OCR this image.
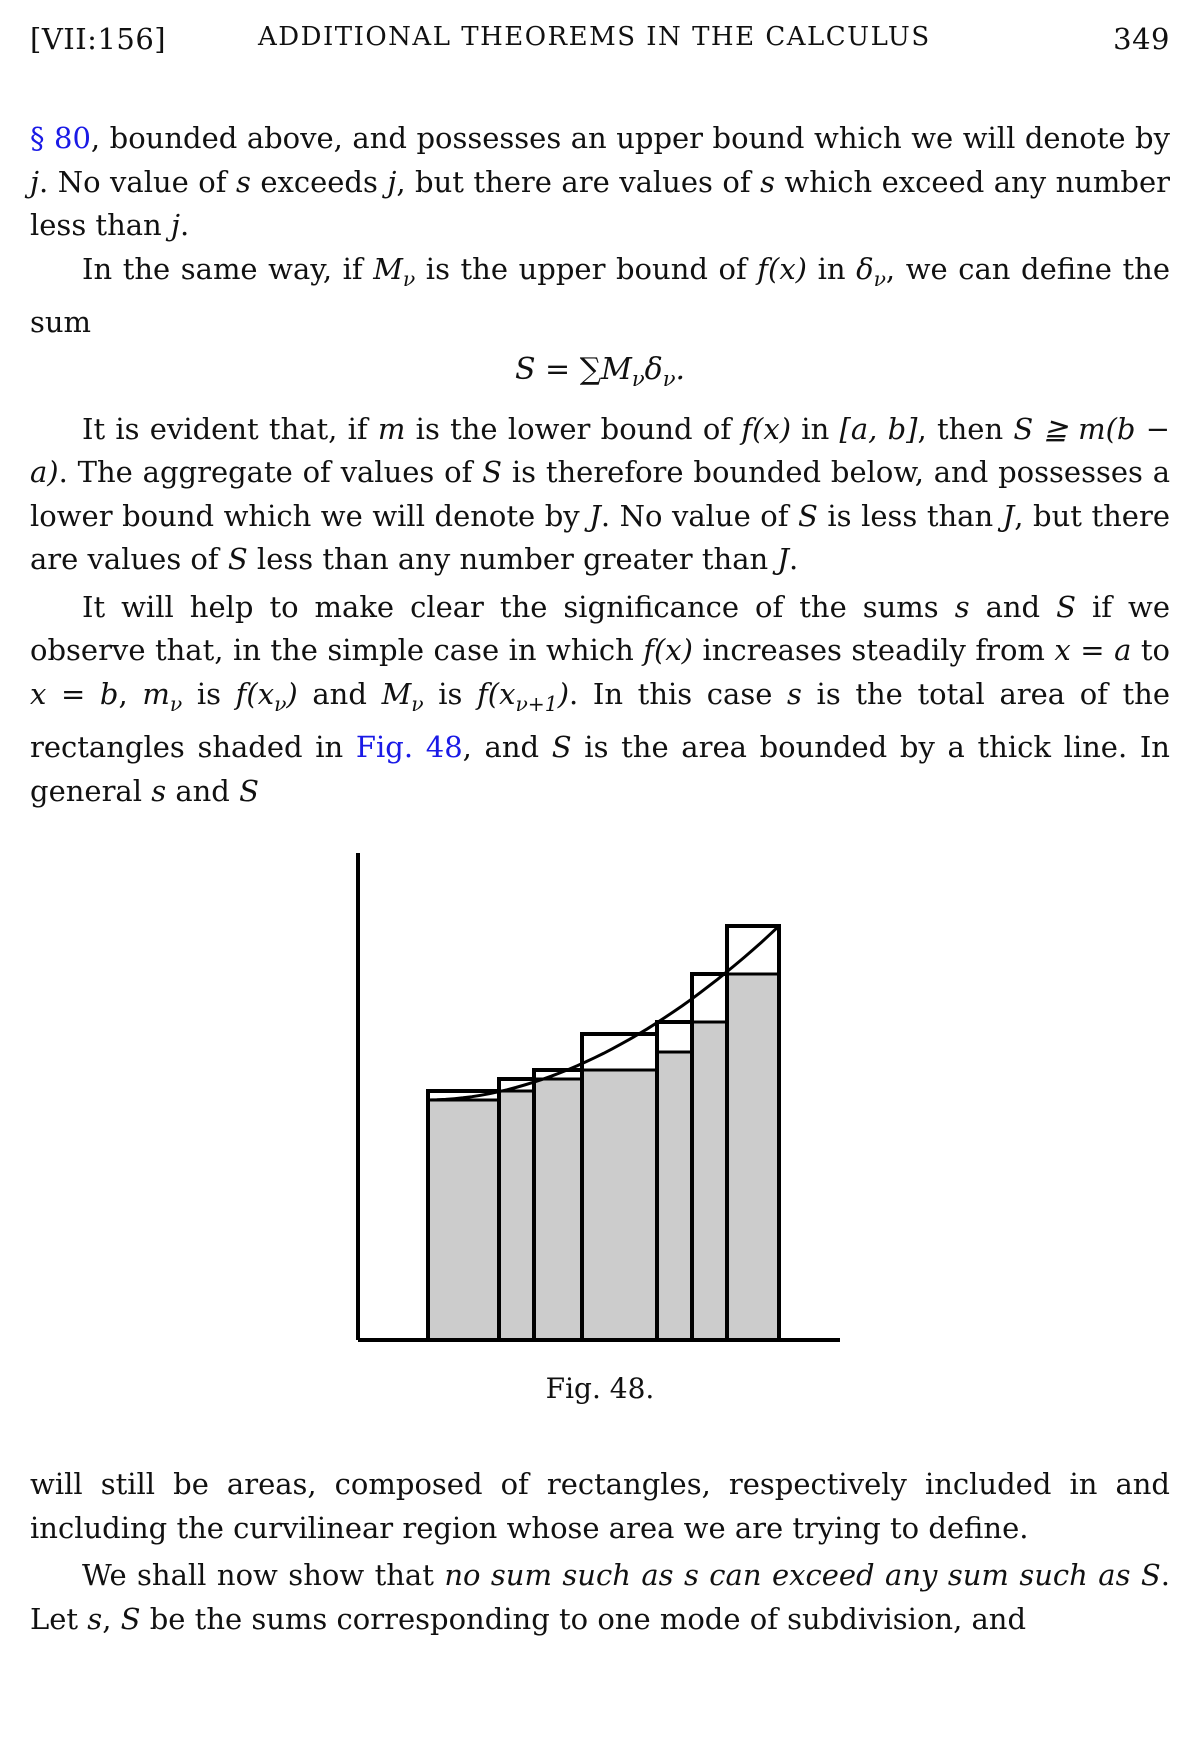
[VII:156]	ADDITIONAL THEOREMS IN THE CALCULUS	349

§ 80, bounded above, and possesses an upper bound which we will denote by j. No value of s exceeds j, but there are values of s which exceed any number less than j.

In the same way, if $M_\nu$ is the upper bound of f(x) in $\delta_\nu$, we can define the sum

$S = \sum M_\nu\delta_\nu$.

It is evident that, if m is the lower bound of f(x) in [a, b], then S ≧ m(b − a). The aggregate of values of S is therefore bounded below, and possesses a lower bound which we will denote by J. No value of S is less than J, but there are values of S less than any number greater than J.

It will help to make clear the significance of the sums s and S if we observe that, in the simple case in which f(x) increases steadily from x = a to x = b, $m_\nu$ is $f(x_\nu)$ and $M_\nu$ is $f(x_{\nu+1})$. In this case s is the total area of the rectangles shaded in Fig. 48, and S is the area bounded by a thick line. In general s and S

Fig. 48.

will still be areas, composed of rectangles, respectively included in and including the curvilinear region whose area we are trying to define.

We shall now show that no sum such as s can exceed any sum such as S. Let s, S be the sums corresponding to one mode of subdivision, and
